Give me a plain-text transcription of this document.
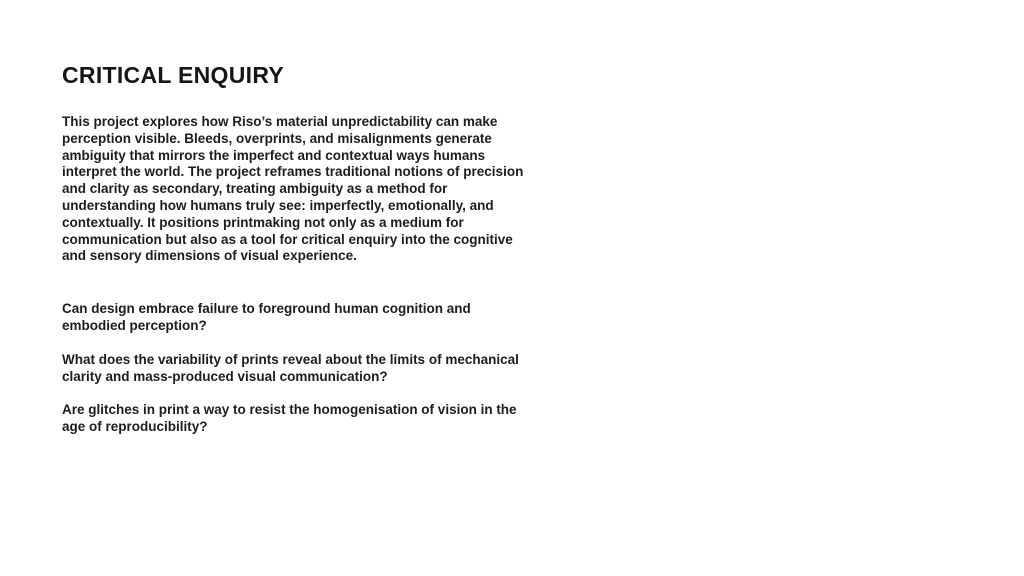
CRITICAL ENQUIRY

This project explores how Riso’s material unpredictability can make perception visible. Bleeds, overprints, and misalignments generate ambiguity that mirrors the imperfect and contextual ways humans interpret the world. The project reframes traditional notions of precision and clarity as secondary, treating ambiguity as a method for understanding how humans truly see: imperfectly, emotionally, and contextually. It positions printmaking not only as a medium for communication but also as a tool for critical enquiry into the cognitive and sensory dimensions of visual experience.

Can design embrace failure to foreground human cognition and embodied perception?

What does the variability of prints reveal about the limits of mechanical clarity and mass-produced visual communication?

Are glitches in print a way to resist the homogenisation of vision in the age of reproducibility?
